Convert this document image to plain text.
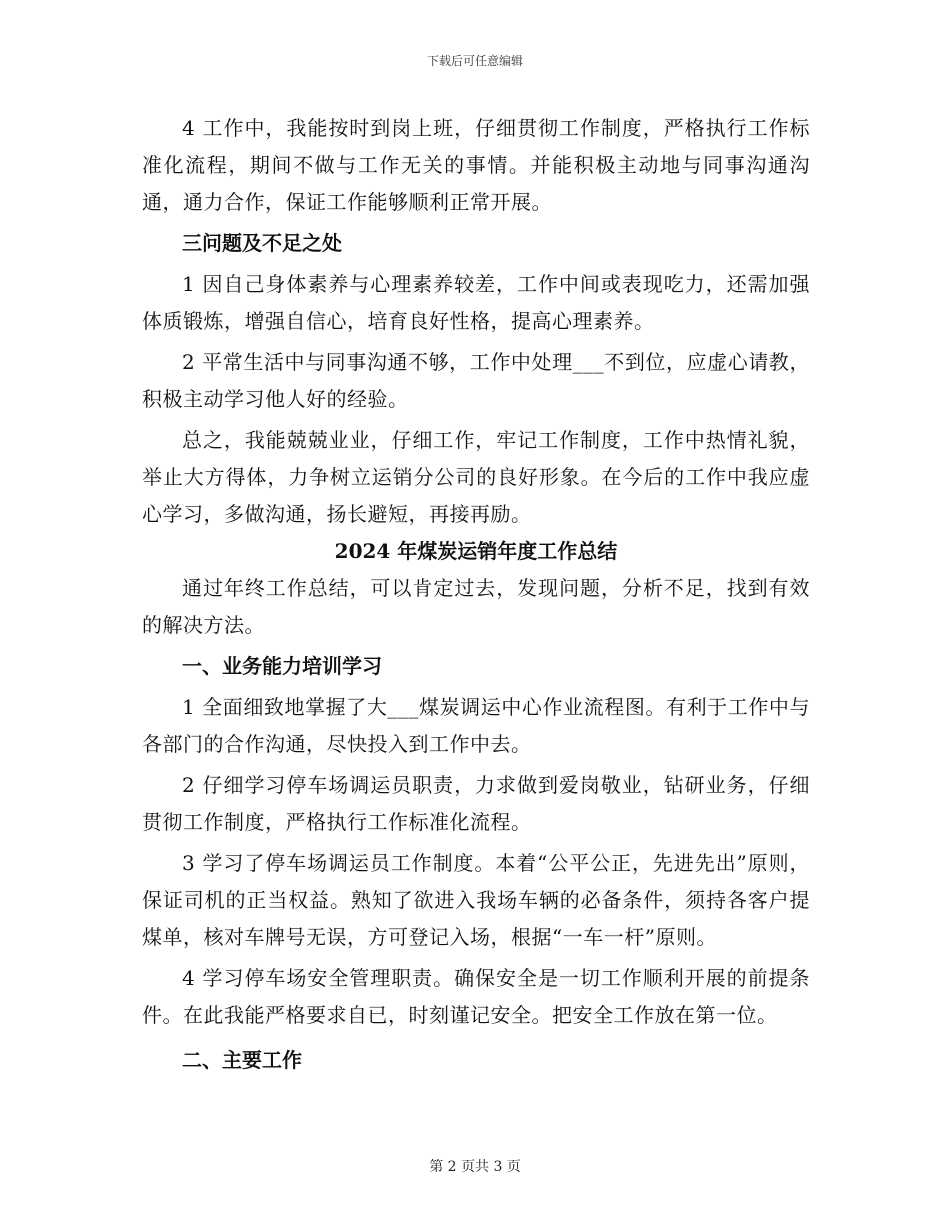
下载后可任意编辑

4 工作中，我能按时到岗上班，仔细贯彻工作制度，严格执行工作标准化流程，期间不做与工作无关的事情。并能积极主动地与同事沟通沟通，通力合作，保证工作能够顺利正常开展。

三问题及不足之处

1 因自己身体素养与心理素养较差，工作中间或表现吃力，还需加强体质锻炼，增强自信心，培育良好性格，提高心理素养。

2 平常生活中与同事沟通不够，工作中处理___不到位，应虚心请教，积极主动学习他人好的经验。

总之，我能兢兢业业，仔细工作，牢记工作制度，工作中热情礼貌，举止大方得体，力争树立运销分公司的良好形象。在今后的工作中我应虚心学习，多做沟通，扬长避短，再接再励。

2024 年煤炭运销年度工作总结

通过年终工作总结，可以肯定过去，发现问题，分析不足，找到有效的解决方法。

一、业务能力培训学习

1 全面细致地掌握了大___煤炭调运中心作业流程图。有利于工作中与各部门的合作沟通，尽快投入到工作中去。

2 仔细学习停车场调运员职责，力求做到爱岗敬业，钻研业务，仔细贯彻工作制度，严格执行工作标准化流程。

3 学习了停车场调运员工作制度。本着“公平公正，先进先出”原则，保证司机的正当权益。熟知了欲进入我场车辆的必备条件，须持各客户提煤单，核对车牌号无误，方可登记入场，根据“一车一杆”原则。

4 学习停车场安全管理职责。确保安全是一切工作顺利开展的前提条件。在此我能严格要求自已，时刻谨记安全。把安全工作放在第一位。

二、主要工作

第 2 页共 3 页
